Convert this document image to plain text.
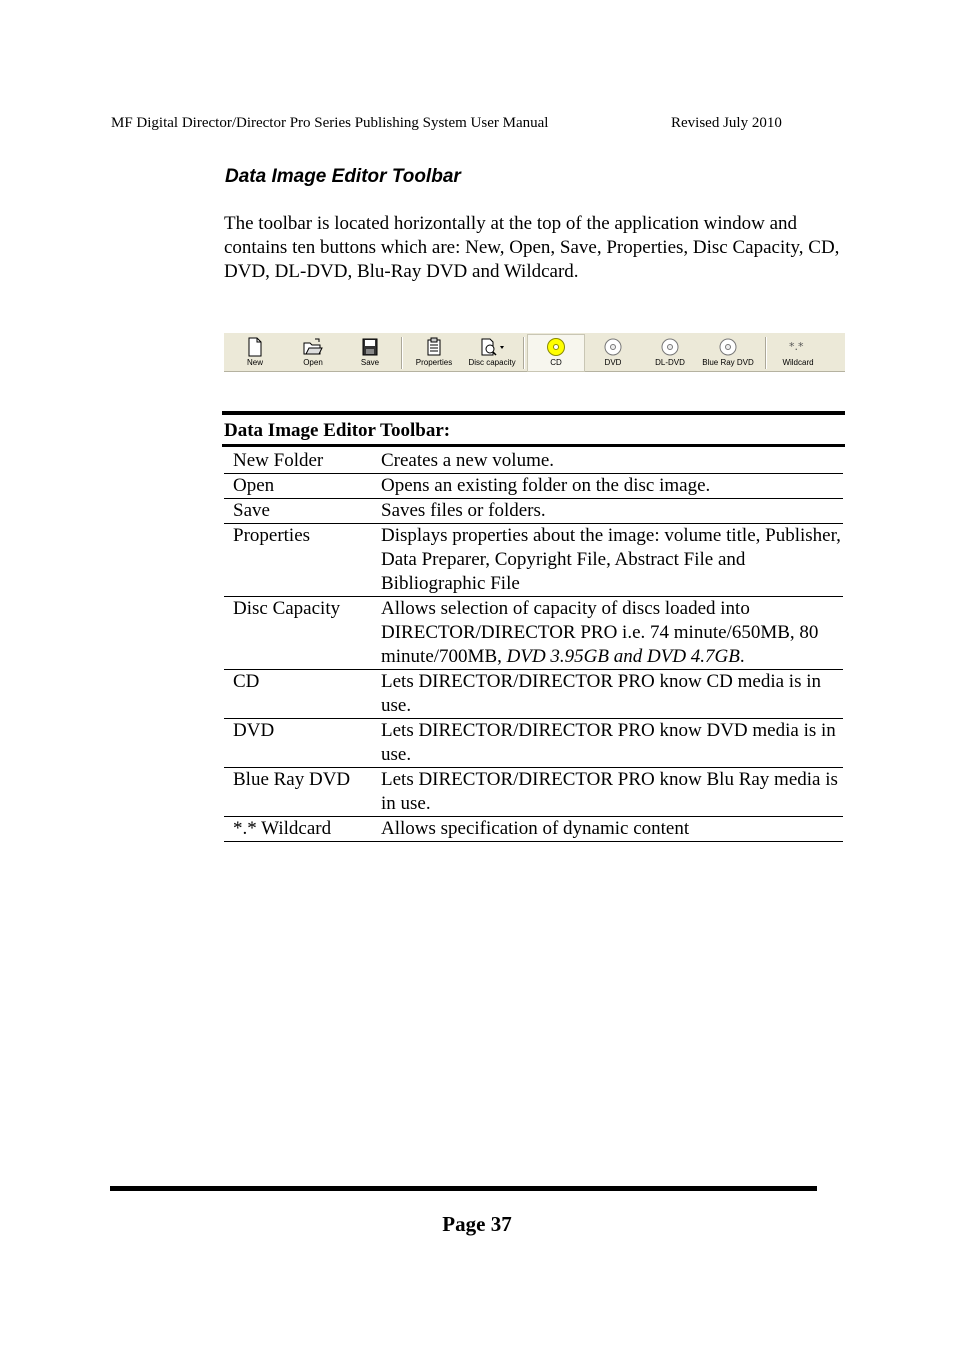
MF Digital Director/Director Pro Series Publishing System User Manual	Revised July 2010
Data Image Editor Toolbar

The toolbar is located horizontally at the top of the application window and contains ten buttons which are: New, Open, Save, Properties, Disc Capacity, CD, DVD, DL-DVD, Blu-Ray DVD and Wildcard.

New	Open	Save	Properties	Disc capacity	CD	DVD	DL-DVD	Blue Ray DVD
*.*
Wildcard
Data Image Editor Toolbar:
New Folder	Creates a new volume.
Open	Opens an existing folder on the disc image.
Save	Saves files or folders.
Properties	Displays properties about the image: volume title, Publisher, Data Preparer, Copyright File, Abstract File and Bibliographic File
Disc Capacity	Allows selection of capacity of discs loaded into DIRECTOR/DIRECTOR PRO i.e. 74 minute/650MB, 80 minute/700MB, DVD 3.95GB and DVD 4.7GB.
CD	Lets DIRECTOR/DIRECTOR PRO know CD media is in use.
DVD	Lets DIRECTOR/DIRECTOR PRO know DVD media is in use.
Blue Ray DVD	Lets DIRECTOR/DIRECTOR PRO know Blu Ray media is in use.
*.* Wildcard	Allows specification of dynamic content
Page 37
